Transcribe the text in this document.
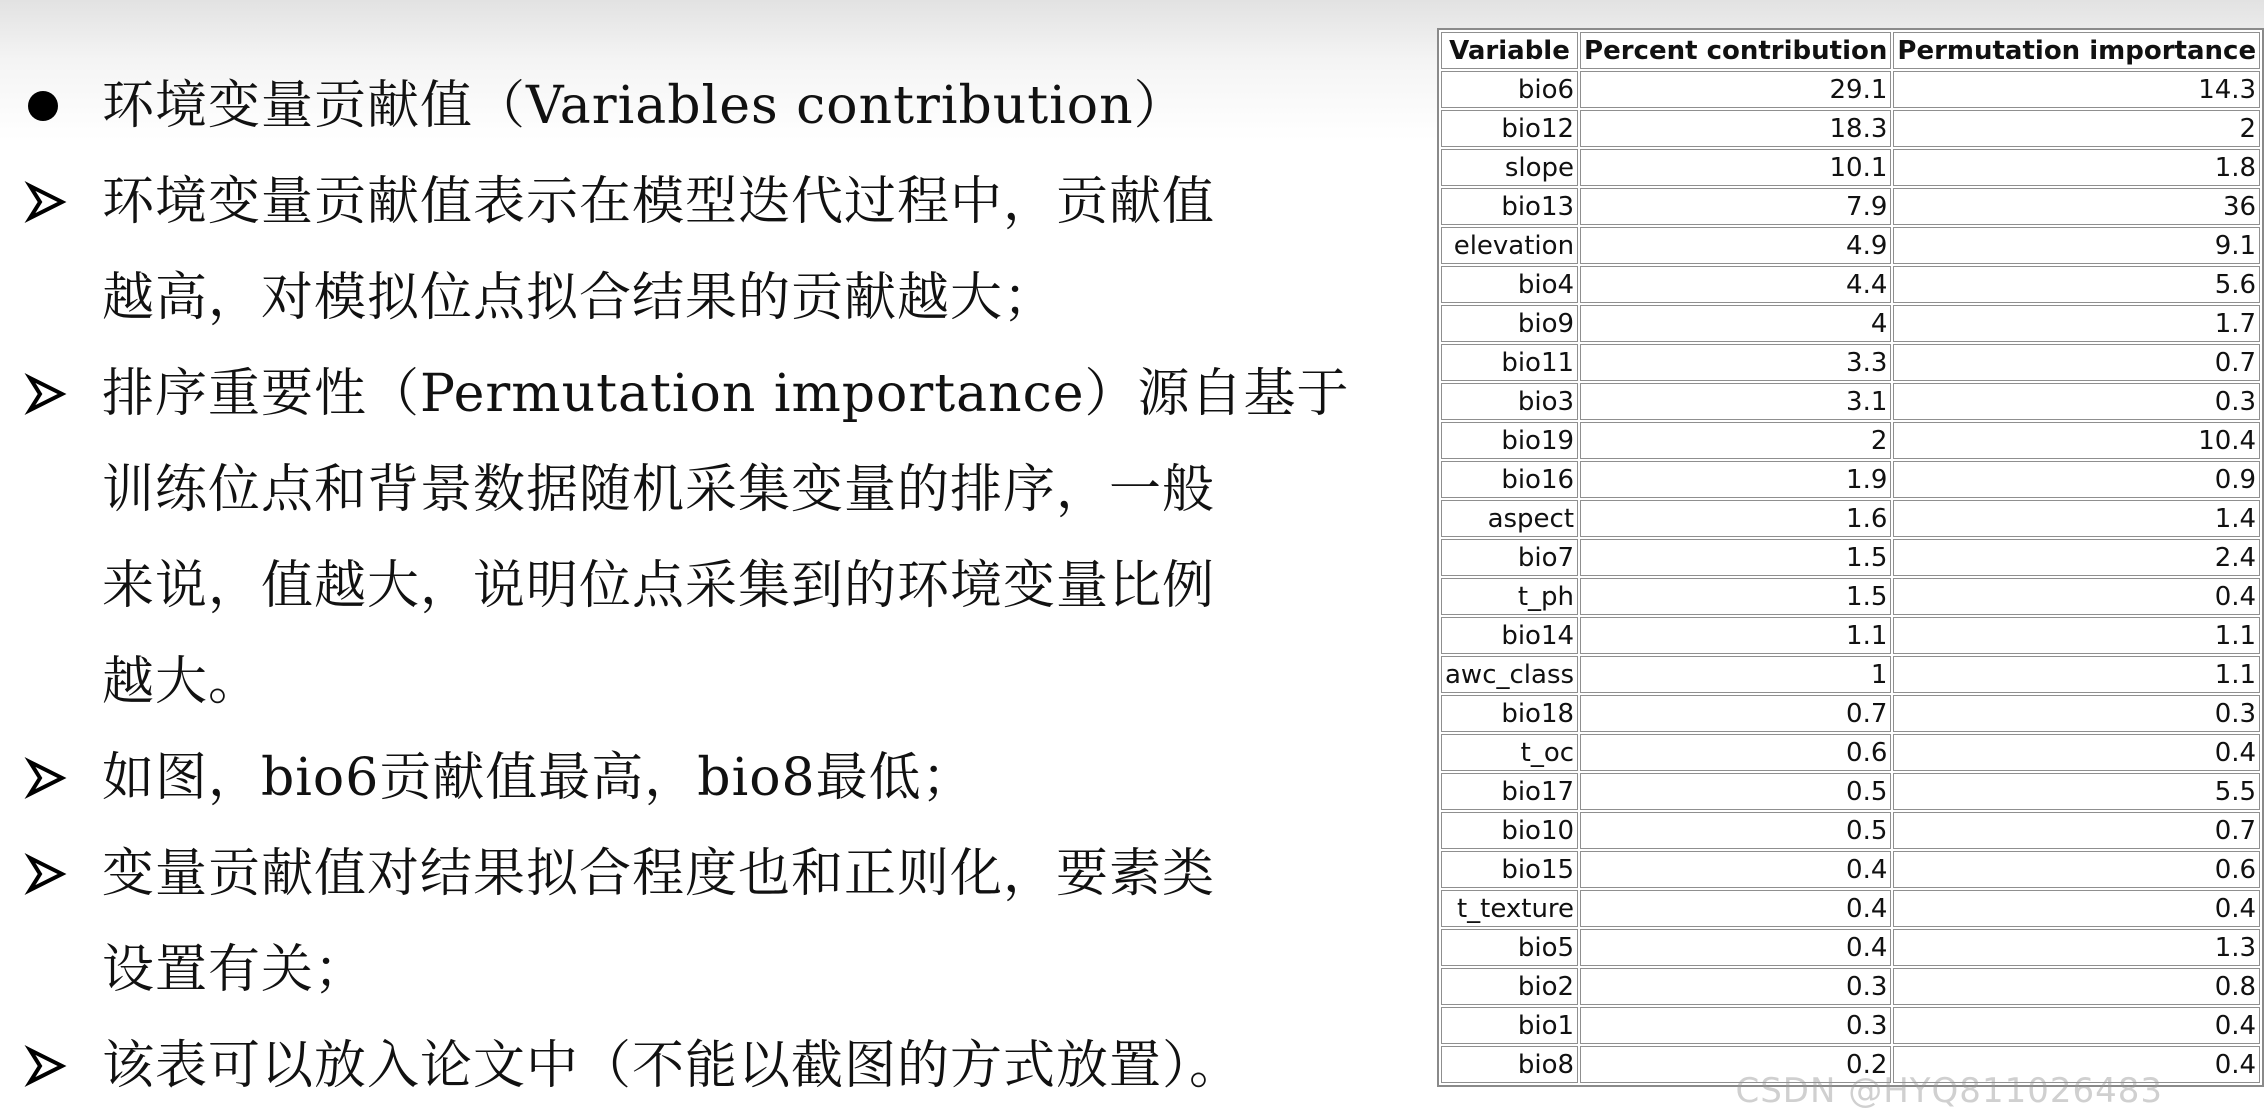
环境变量贡献值（Variables contribution）
环境变量贡献值表示在模型迭代过程中，贡献值
越高，对模拟位点拟合结果的贡献越大；
排序重要性（Permutation importance）源自基于
训练位点和背景数据随机采集变量的排序，一般
来说，值越大，说明位点采集到的环境变量比例
越大。
如图，bio6贡献值最高，bio8最低；
变量贡献值对结果拟合程度也和正则化，要素类
设置有关；
该表可以放入论文中（不能以截图的方式放置）。
Variable	Percent contribution	Permutation importance
bio6	29.1	14.3
bio12	18.3	2
slope	10.1	1.8
bio13	7.9	36
elevation	4.9	9.1
bio4	4.4	5.6
bio9	4	1.7
bio11	3.3	0.7
bio3	3.1	0.3
bio19	2	10.4
bio16	1.9	0.9
aspect	1.6	1.4
bio7	1.5	2.4
t_ph	1.5	0.4
bio14	1.1	1.1
awc_class	1	1.1
bio18	0.7	0.3
t_oc	0.6	0.4
bio17	0.5	5.5
bio10	0.5	0.7
bio15	0.4	0.6
t_texture	0.4	0.4
bio5	0.4	1.3
bio2	0.3	0.8
bio1	0.3	0.4
bio8	0.2	0.4
CSDN @HYQ811026483
